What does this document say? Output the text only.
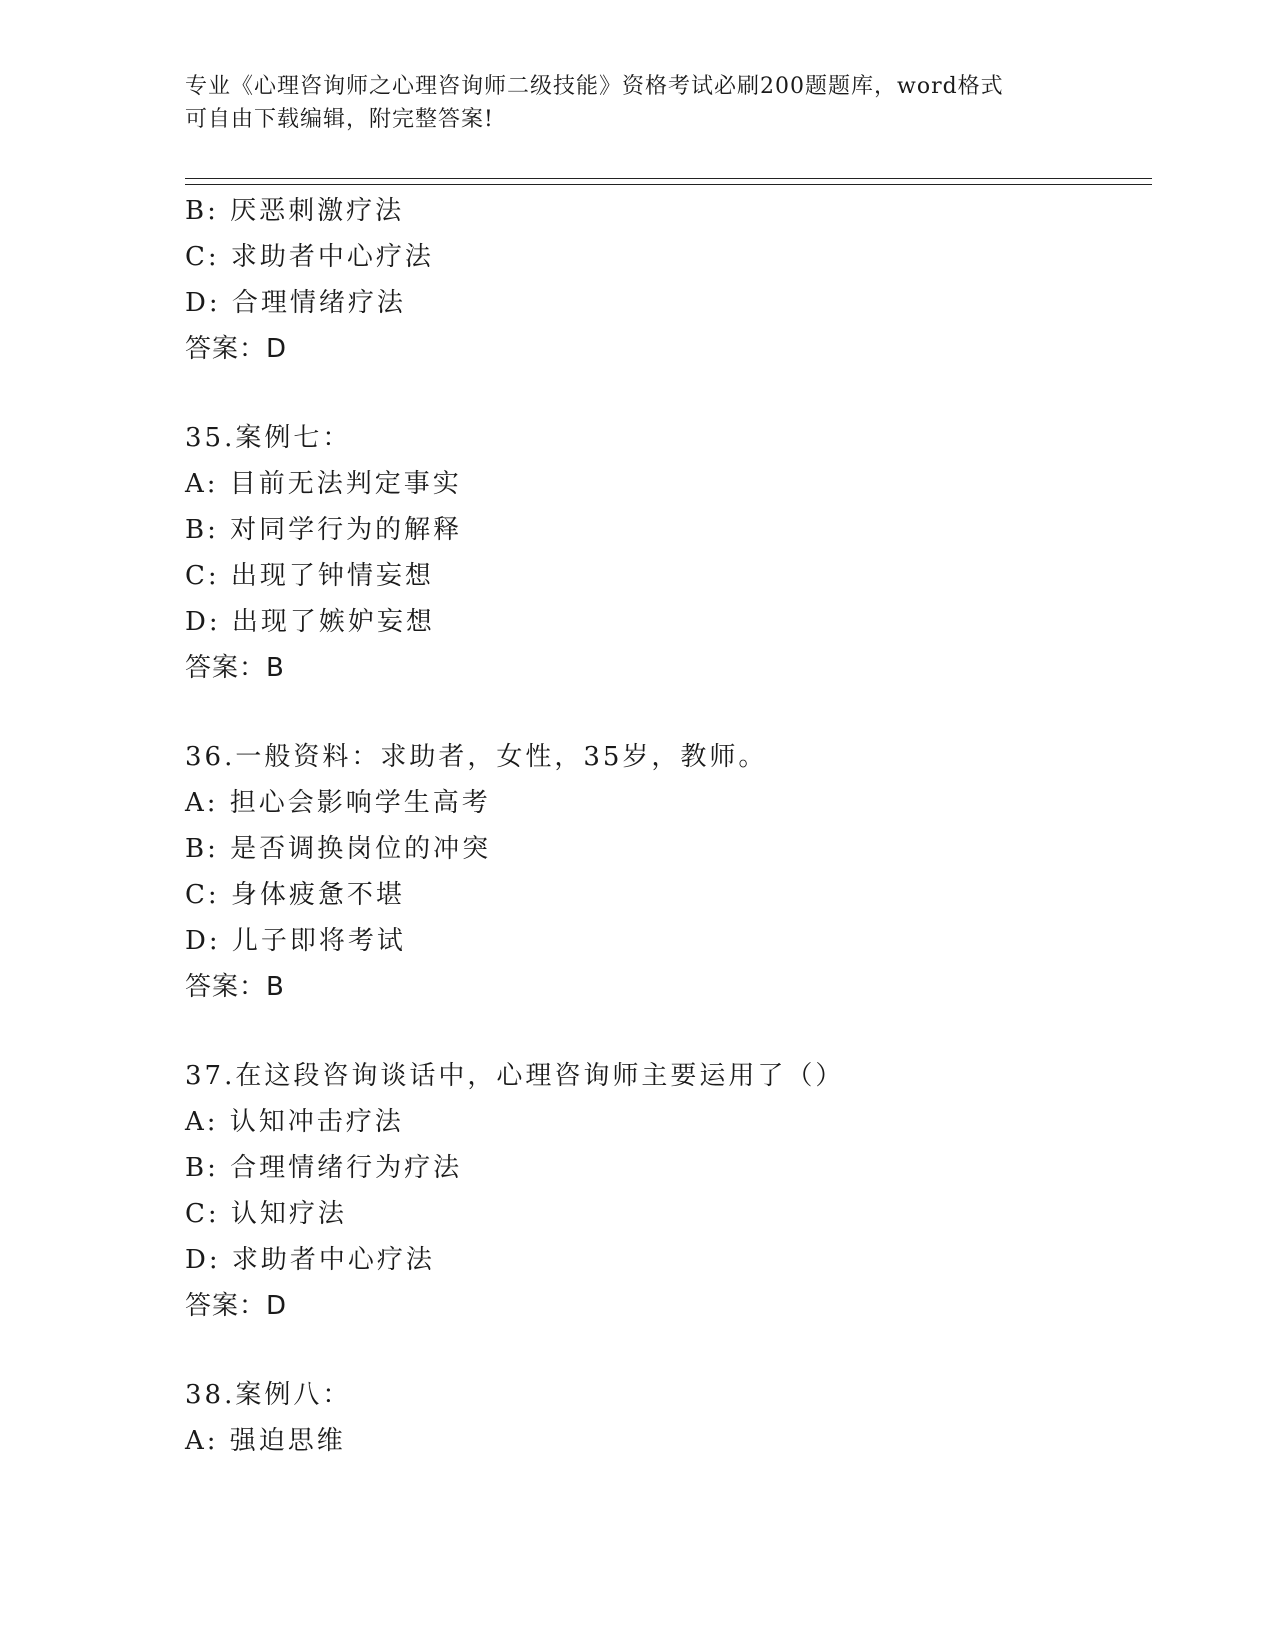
专业《心理咨询师之心理咨询师二级技能》资格考试必刷200题题库，word格式
可自由下载编辑，附完整答案!
B: 厌恶刺激疗法
C: 求助者中心疗法
D: 合理情绪疗法
答案：D
35.案例七：
A: 目前无法判定事实
B: 对同学行为的解释
C: 出现了钟情妄想
D: 出现了嫉妒妄想
答案：B
36.一般资料：求助者，女性，35岁，教师。
A: 担心会影响学生高考
B: 是否调换岗位的冲突
C: 身体疲惫不堪
D: 儿子即将考试
答案：B
37.在这段咨询谈话中，心理咨询师主要运用了（）
A: 认知冲击疗法
B: 合理情绪行为疗法
C: 认知疗法
D: 求助者中心疗法
答案：D
38.案例八：
A: 强迫思维
